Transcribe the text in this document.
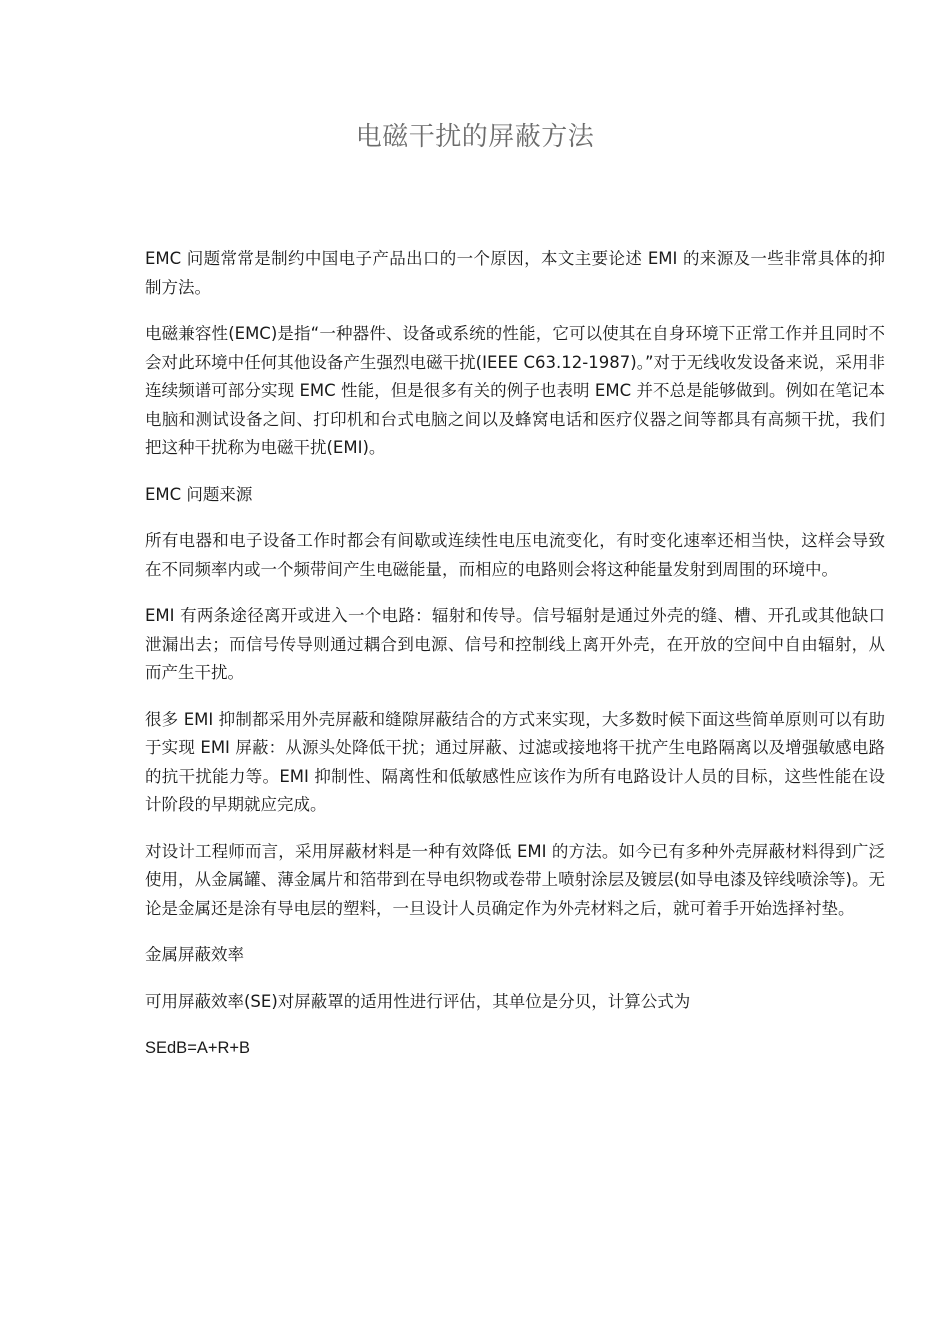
电磁干扰的屏蔽方法

EMC 问题常常是制约中国电子产品出口的一个原因，本文主要论述 EMI 的来源及一些非常具体的抑制方法。

电磁兼容性(EMC)是指“一种器件、设备或系统的性能，它可以使其在自身环境下正常工作并且同时不会对此环境中任何其他设备产生强烈电磁干扰(IEEE C63.12-1987)。”对于无线收发设备来说，采用非连续频谱可部分实现 EMC 性能，但是很多有关的例子也表明 EMC 并不总是能够做到。例如在笔记本电脑和测试设备之间、打印机和台式电脑之间以及蜂窝电话和医疗仪器之间等都具有高频干扰，我们把这种干扰称为电磁干扰(EMI)。

EMC 问题来源

所有电器和电子设备工作时都会有间歇或连续性电压电流变化，有时变化速率还相当快，这样会导致在不同频率内或一个频带间产生电磁能量，而相应的电路则会将这种能量发射到周围的环境中。

EMI 有两条途径离开或进入一个电路：辐射和传导。信号辐射是通过外壳的缝、槽、开孔或其他缺口泄漏出去；而信号传导则通过耦合到电源、信号和控制线上离开外壳，在开放的空间中自由辐射，从而产生干扰。

很多 EMI 抑制都采用外壳屏蔽和缝隙屏蔽结合的方式来实现，大多数时候下面这些简单原则可以有助于实现 EMI 屏蔽：从源头处降低干扰；通过屏蔽、过滤或接地将干扰产生电路隔离以及增强敏感电路的抗干扰能力等。EMI 抑制性、隔离性和低敏感性应该作为所有电路设计人员的目标，这些性能在设计阶段的早期就应完成。

对设计工程师而言，采用屏蔽材料是一种有效降低 EMI 的方法。如今已有多种外壳屏蔽材料得到广泛使用，从金属罐、薄金属片和箔带到在导电织物或卷带上喷射涂层及镀层(如导电漆及锌线喷涂等)。无论是金属还是涂有导电层的塑料，一旦设计人员确定作为外壳材料之后，就可着手开始选择衬垫。

金属屏蔽效率

可用屏蔽效率(SE)对屏蔽罩的适用性进行评估，其单位是分贝，计算公式为

SEdB=A+R+B
